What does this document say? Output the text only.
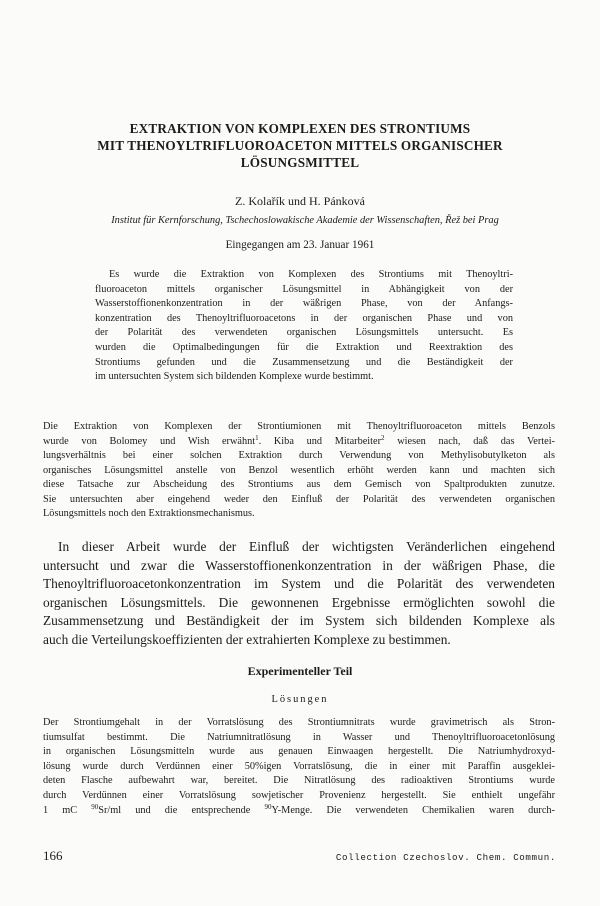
EXTRAKTION VON KOMPLEXEN DES STRONTIUMS
MIT THENOYLTRIFLUOROACETON MITTELS ORGANISCHER
LÖSUNGSMITTEL
Z. Kolařík und H. Pánková
Institut für Kernforschung, Tschechoslowakische Akademie der Wissenschaften, Řež bei Prag
Eingegangen am 23. Januar 1961
Es wurde die Extraktion von Komplexen des Strontiums mit Thenoyltri-
fluoroaceton mittels organischer Lösungsmittel in Abhängigkeit von der
Wasserstoffionenkonzentration in der wäßrigen Phase, von der Anfangs-
konzentration des Thenoyltrifluoroacetons in der organischen Phase und von
der Polarität des verwendeten organischen Lösungsmittels untersucht. Es
wurden die Optimalbedingungen für die Extraktion und Reextraktion des
Strontiums gefunden und die Zusammensetzung und die Beständigkeit der
im untersuchten System sich bildenden Komplexe wurde bestimmt.
Die Extraktion von Komplexen der Strontiumionen mit Thenoyltrifluoroaceton mittels Benzols
wurde von Bolomey und Wish erwähnt$^1$. Kiba und Mitarbeiter$^2$ wiesen nach, daß das Vertei-
lungsverhältnis bei einer solchen Extraktion durch Verwendung von Methylisobutylketon als
organisches Lösungsmittel anstelle von Benzol wesentlich erhöht werden kann und machten sich
diese Tatsache zur Abscheidung des Strontiums aus dem Gemisch von Spaltprodukten zunutze.
Sie untersuchten aber eingehend weder den Einfluß der Polarität des verwendeten organischen
Lösungsmittels noch den Extraktionsmechanismus.
In dieser Arbeit wurde der Einfluß der wichtigsten Veränderlichen eingehend
untersucht und zwar die Wasserstoffionenkonzentration in der wäßrigen Phase, die
Thenoyltrifluoroacetonkonzentration im System und die Polarität des verwendeten
organischen Lösungsmittels. Die gewonnenen Ergebnisse ermöglichten sowohl die
Zusammensetzung und Beständigkeit der im System sich bildenden Komplexe als
auch die Verteilungskoeffizienten der extrahierten Komplexe zu bestimmen.
Experimenteller Teil
Lösungen
Der Strontiumgehalt in der Vorratslösung des Strontiumnitrats wurde gravimetrisch als Stron-
tiumsulfat bestimmt. Die Natriumnitratlösung in Wasser und Thenoyltrifluoroacetonlösung
in organischen Lösungsmitteln wurde aus genauen Einwaagen hergestellt. Die Natriumhydroxyd-
lösung wurde durch Verdünnen einer 50%igen Vorratslösung, die in einer mit Paraffin ausgeklei-
deten Flasche aufbewahrt war, bereitet. Die Nitratlösung des radioaktiven Strontiums wurde
durch Verdünnen einer Vorratslösung sowjetischer Provenienz hergestellt. Sie enthielt ungefähr
1 mC $^{90}$Sr/ml und die entsprechende $^{90}$Y-Menge. Die verwendeten Chemikalien waren durch-
166	Collection Czechoslov. Chem. Commun.
